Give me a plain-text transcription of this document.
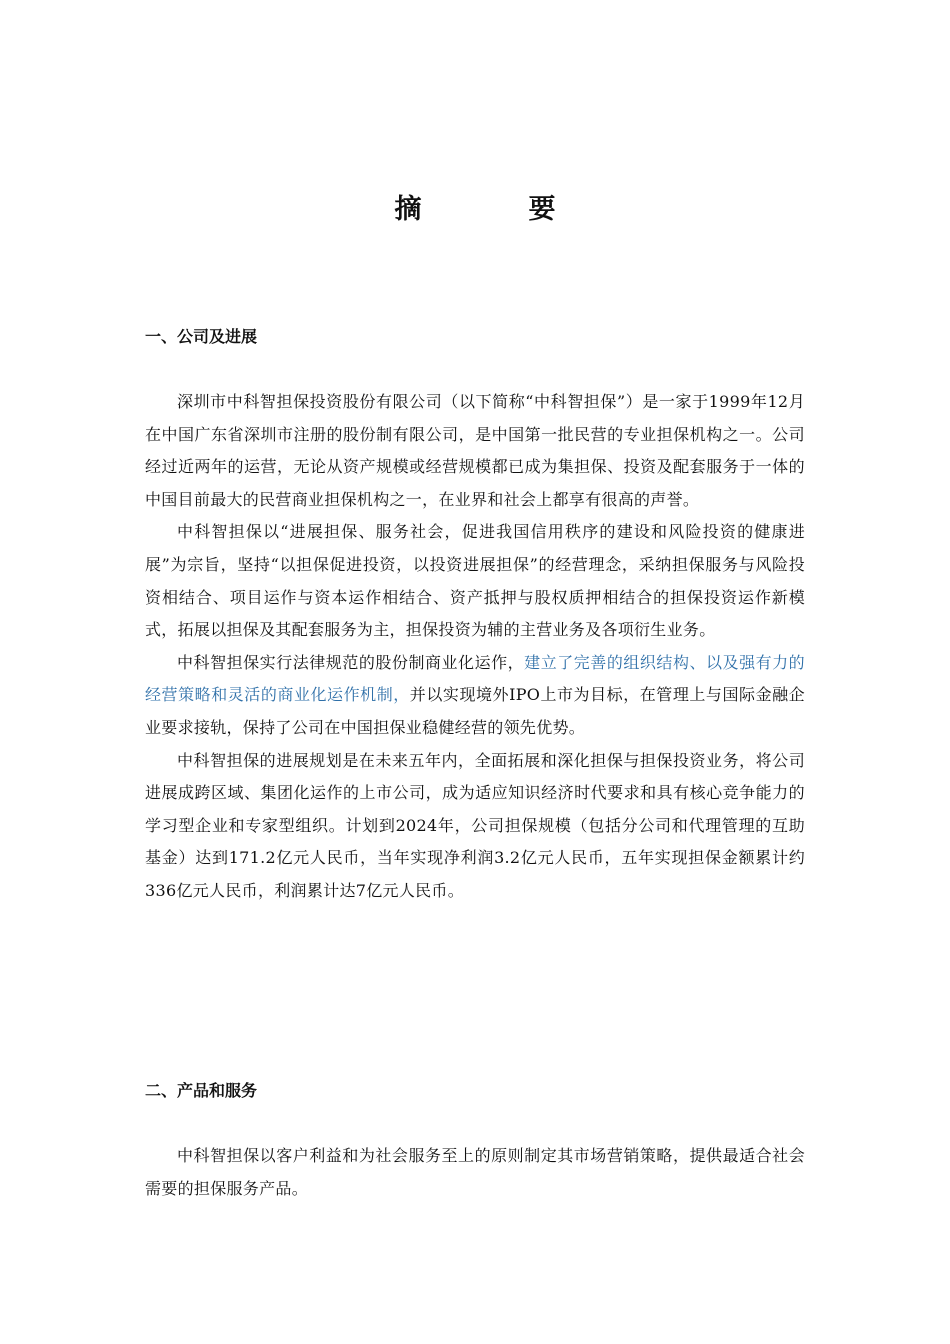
摘　要
一、公司及进展

深圳市中科智担保投资股份有限公司（以下简称“中科智担保”）是一家于1999年12月在中国广东省深圳市注册的股份制有限公司，是中国第一批民营的专业担保机构之一。公司经过近两年的运营，无论从资产规模或经营规模都已成为集担保、投资及配套服务于一体的中国目前最大的民营商业担保机构之一，在业界和社会上都享有很高的声誉。

中科智担保以“进展担保、服务社会，促进我国信用秩序的建设和风险投资的健康进展”为宗旨，坚持“以担保促进投资，以投资进展担保”的经营理念，采纳担保服务与风险投资相结合、项目运作与资本运作相结合、资产抵押与股权质押相结合的担保投资运作新模式，拓展以担保及其配套服务为主，担保投资为辅的主营业务及各项衍生业务。

中科智担保实行法律规范的股份制商业化运作，建立了完善的组织结构、以及强有力的经营策略和灵活的商业化运作机制，并以实现境外IPO上市为目标，在管理上与国际金融企业要求接轨，保持了公司在中国担保业稳健经营的领先优势。

中科智担保的进展规划是在未来五年内，全面拓展和深化担保与担保投资业务，将公司进展成跨区域、集团化运作的上市公司，成为适应知识经济时代要求和具有核心竞争能力的学习型企业和专家型组织。计划到2024年，公司担保规模（包括分公司和代理管理的互助基金）达到171.2亿元人民币，当年实现净利润3.2亿元人民币，五年实现担保金额累计约336亿元人民币，利润累计达7亿元人民币。

二、产品和服务

中科智担保以客户利益和为社会服务至上的原则制定其市场营销策略，提供最适合社会需要的担保服务产品。
